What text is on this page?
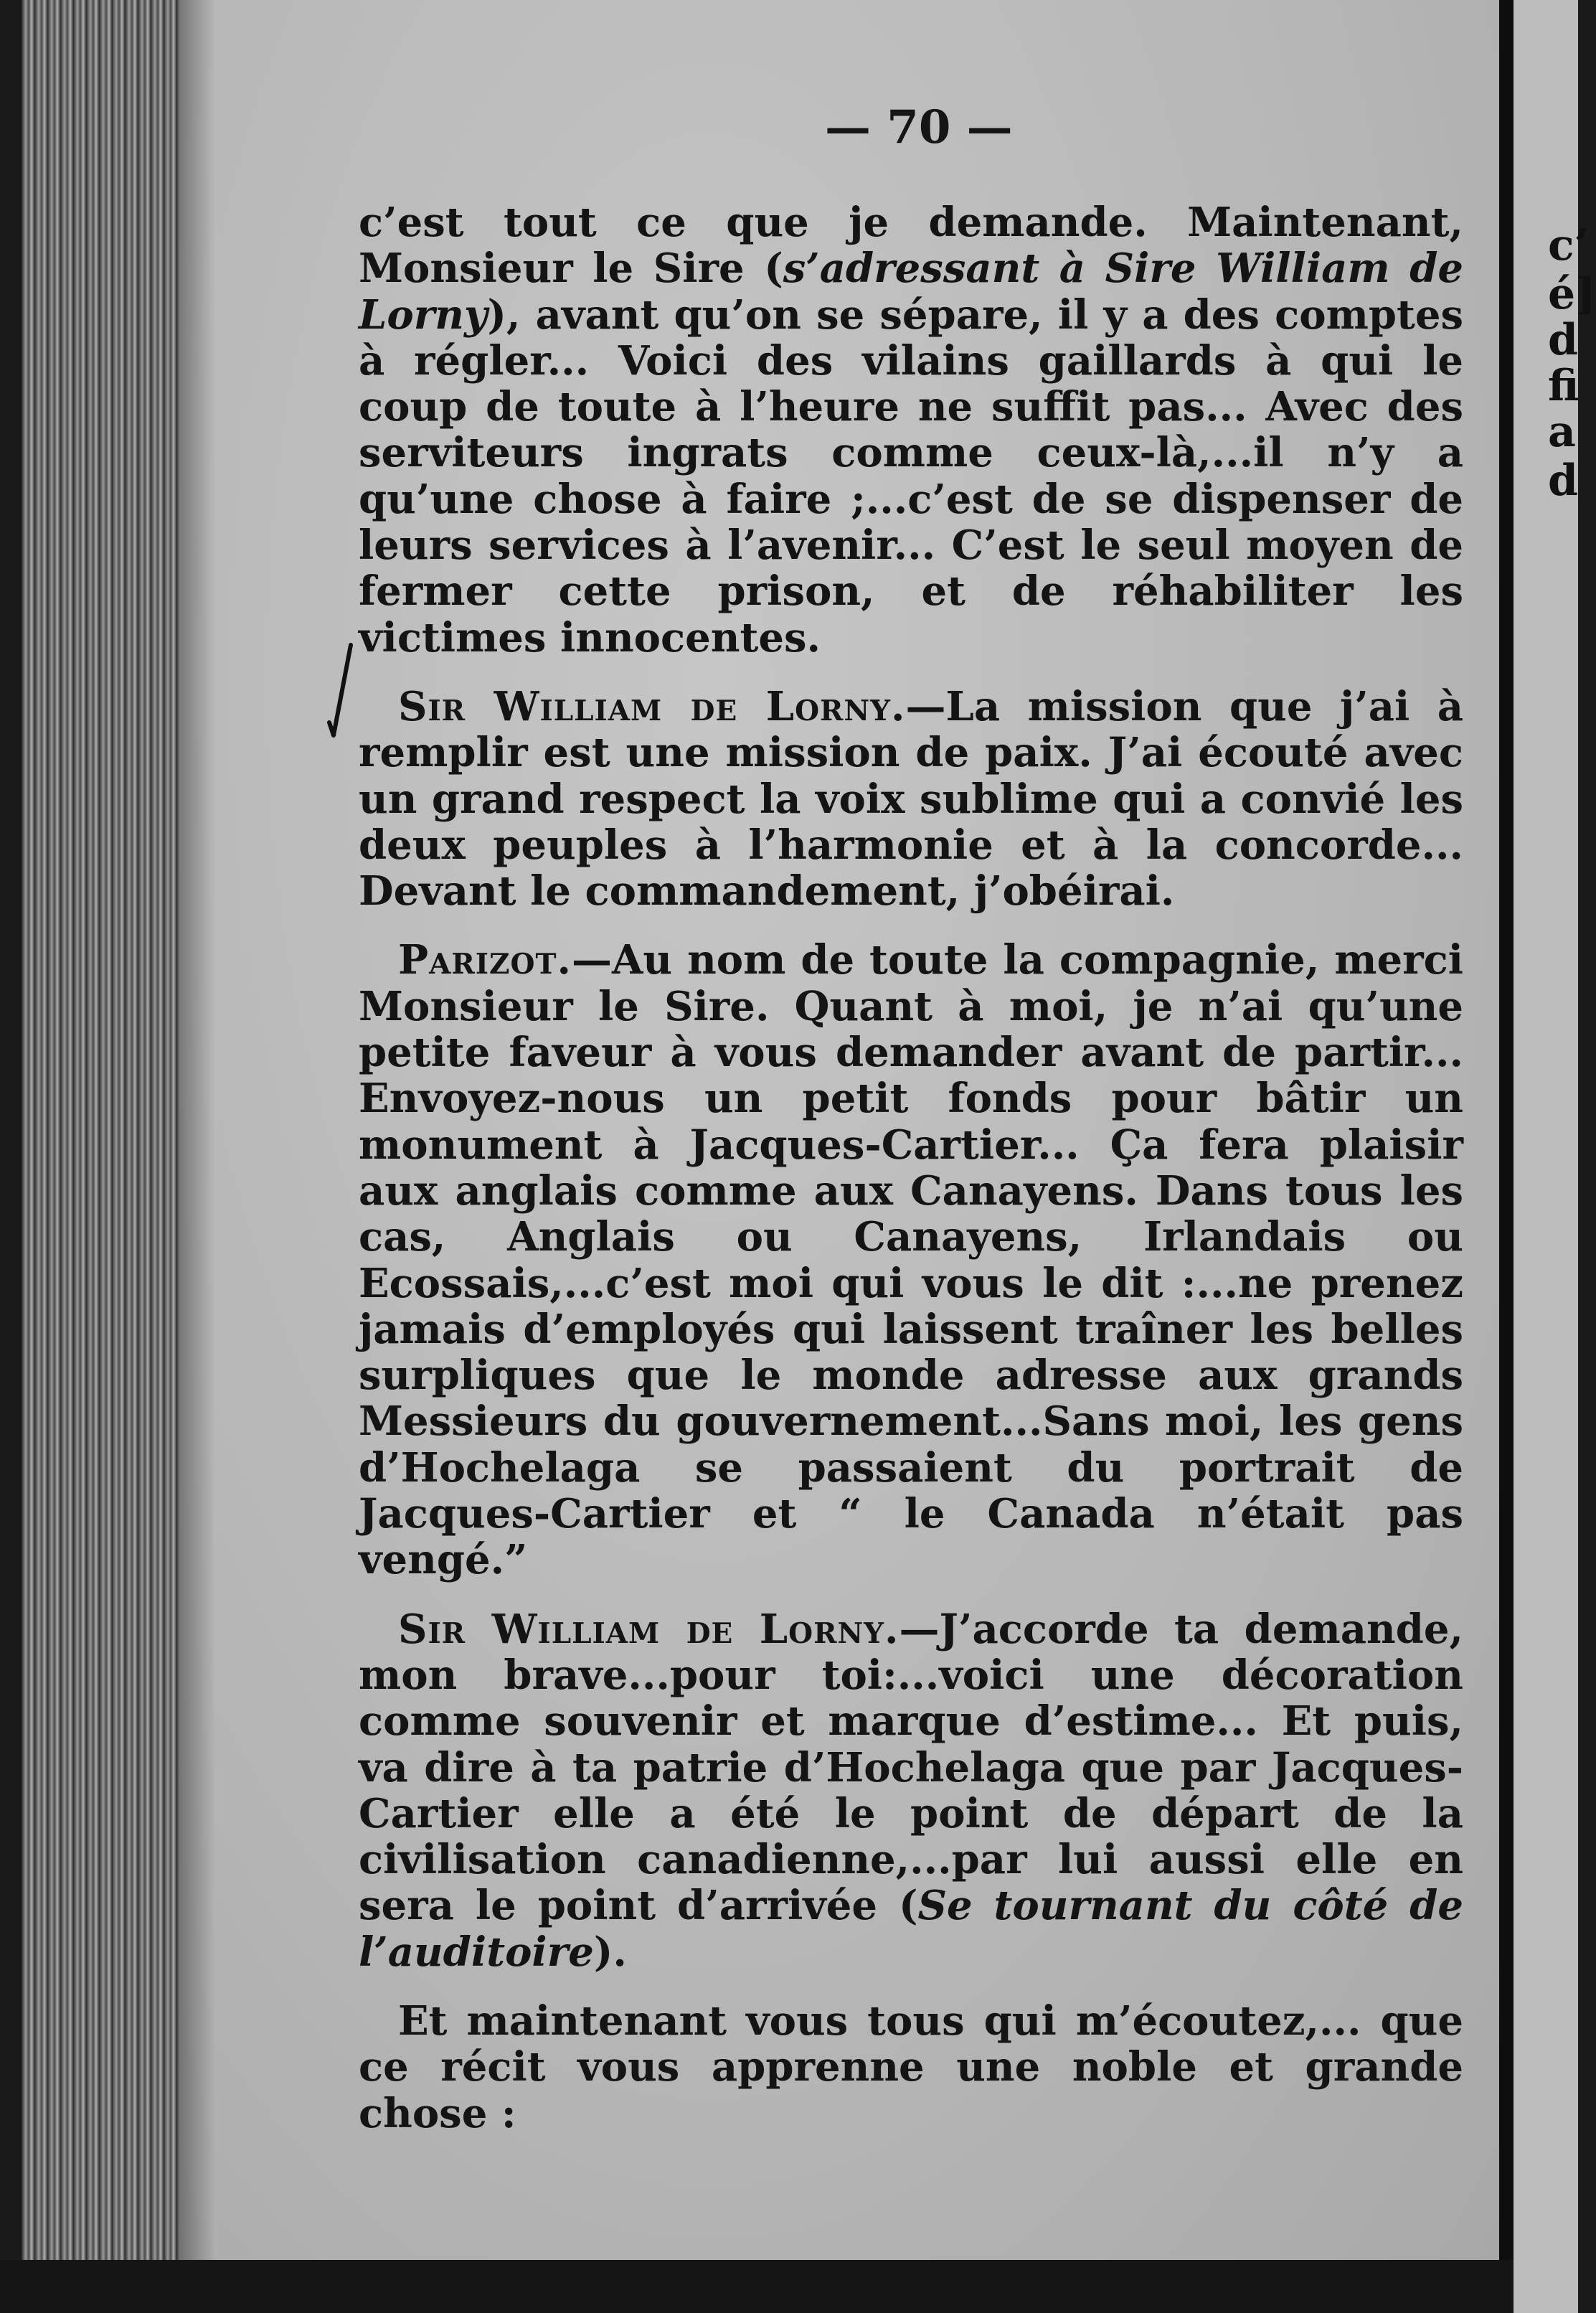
c’
é]
d
fi
a
d
— 70 —

c’est tout ce que je demande. Maintenant, Monsieur le Sire (s’adressant à Sire William de Lorny), avant qu’on se sépare, il y a des comptes à régler... Voici des vilains gaillards à qui le coup de toute à l’heure ne suffit pas... Avec des serviteurs ingrats comme ceux-là,...il n’y a qu’une chose à faire ;...c’est de se dispenser de leurs services à l’avenir... C’est le seul moyen de fermer cette prison, et de réhabiliter les victimes innocentes.

Sir William de Lorny.—La mission que j’ai à remplir est une mission de paix. J’ai écouté avec un grand respect la voix sublime qui a convié les deux peuples à l’harmonie et à la concorde... Devant le commandement, j’obéirai.

Parizot.—Au nom de toute la compagnie, merci Monsieur le Sire. Quant à moi, je n’ai qu’une petite faveur à vous demander avant de partir... Envoyez-nous un petit fonds pour bâtir un monument à Jacques-Cartier... Ça fera plaisir aux anglais comme aux Canayens. Dans tous les cas, Anglais ou Canayens, Irlandais ou Ecossais,...c’est moi qui vous le dit :...ne prenez jamais d’employés qui laissent traîner les belles surpliques que le monde adresse aux grands Messieurs du gouvernement...Sans moi, les gens d’Hochelaga se passaient du portrait de Jacques-Cartier et “ le Canada n’était pas vengé.”

Sir William de Lorny.—J’accorde ta demande, mon brave...pour toi:...voici une décoration comme souvenir et marque d’estime... Et puis, va dire à ta patrie d’Hochelaga que par Jacques-Cartier elle a été le point de départ de la civilisation canadienne,...par lui aussi elle en sera le point d’arrivée (Se tournant du côté de l’auditoire).

Et maintenant vous tous qui m’écoutez,... que ce récit vous apprenne une noble et grande chose :
